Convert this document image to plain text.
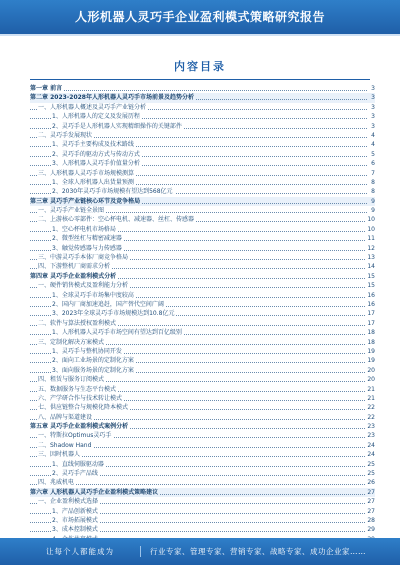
人形机器人灵巧手企业盈利模式策略研究报告
内容目录
第一章 前言	3
第二章 2023-2028年人形机器人灵巧手市场前景及趋势分析	3
一、人形机器人概述及灵巧手产业链分析	3
1、人形机器人的定义及发展历程	3
2、灵巧手是人形机器人实现精细操作的关键部件	3
二、灵巧手发展现状	4
1、灵巧手主要构成及技术路线	4
2、灵巧手的驱动方式与传动方式	5
3、人形机器人灵巧手价值量分析	6
三、人形机器人灵巧手市场规模测算	7
1、全球人形机器人出货量预测	8
2、2030年灵巧手市场规模有望达到568亿元	8
第三章 灵巧手产业链核心环节及竞争格局	9
一、灵巧手产业链全景图	9
二、上游核心零部件：空心杯电机、减速器、丝杠、传感器	10
1、空心杯电机市场格局	10
2、微型丝杠与精密减速器	11
3、触觉传感器与力传感器	12
三、中游灵巧手本体厂商竞争格局	13
四、下游整机厂商需求分析	14
第四章 灵巧手企业盈利模式分析	15
一、硬件销售模式及盈利能力分析	15
1、全球灵巧手市场集中度较高	16
2、国内厂商加速追赶，国产替代空间广阔	16
3、2023年全球灵巧手市场规模达到10.8亿元	17
二、软件与算法授权盈利模式	17
1、人形机器人灵巧手市场空间有望达到百亿级别	18
三、定制化解决方案模式	18
1、灵巧手与整机协同开发	19
2、面向工业场景的定制化方案	19
3、面向服务场景的定制化方案	20
四、租赁与服务订阅模式	20
五、数据服务与生态平台模式	21
六、产学研合作与技术转让模式	21
七、供应链整合与规模化降本模式	22
八、品牌与渠道建设	22
第五章 灵巧手企业盈利模式案例分析	23
一、特斯拉Optimus灵巧手	23
二、Shadow Hand	24
三、因时机器人	24
1、直线伺服驱动器	25
2、灵巧手产品线	25
四、兆威机电	26
第六章 人形机器人灵巧手企业盈利模式策略建议	27
一、企业盈利模式选择	27
1、产品创新模式	27
2、市场拓展模式	28
3、成本控制模式	29
让每个人都能成为	行业专家、管理专家、营销专家、战略专家、成功企业家……
